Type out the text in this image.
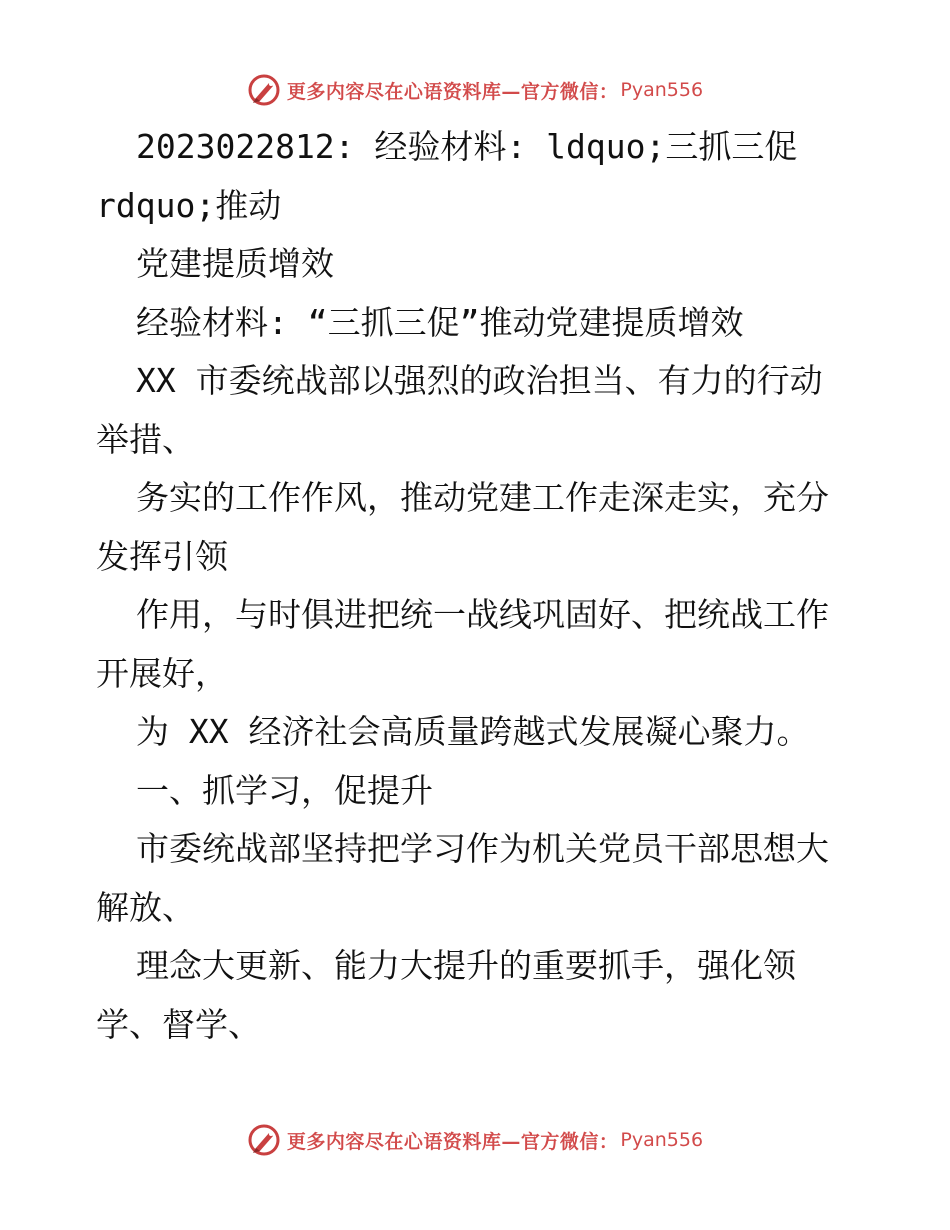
更多内容尽在心语资料库—官方微信： Pyan556
2023022812: 经验材料: ldquo;三抓三促
rdquo;推动
党建提质增效
经验材料: “三抓三促”推动党建提质增效
XX 市委统战部以强烈的政治担当、有力的行动
举措、
务实的工作作风，推动党建工作走深走实，充分
发挥引领
作用，与时俱进把统一战线巩固好、把统战工作
开展好，
为 XX 经济社会高质量跨越式发展凝心聚力。
一、抓学习，促提升
市委统战部坚持把学习作为机关党员干部思想大
解放、
理念大更新、能力大提升的重要抓手，强化领
学、督学、
更多内容尽在心语资料库—官方微信： Pyan556
